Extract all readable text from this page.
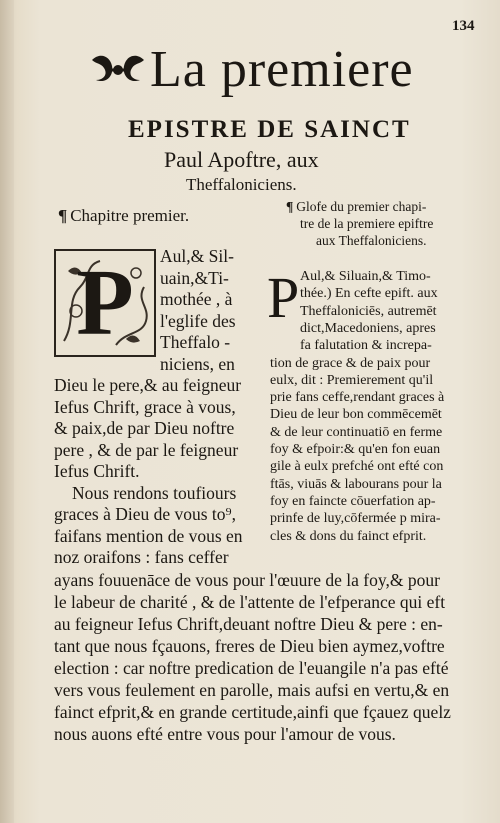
134
La premiere
EPISTRE DE SAINCT
Paul Apoftre, aux
Theffaloniciens.
¶ Chapitre premier.	¶ Glofe du premier chapi-
tre de la premiere epiftre
aux Theffaloniciens.
P	Aul,& Sil-
uain,&Ti-
mothée , à
l'eglife des
Theffalo -
niciens, en
Dieu le pere,& au feigneur
Iefus Chrift, grace à vous,
& paix,de par Dieu noftre
pere , & de par le feigneur
Iefus Chrift.
Nous rendons toufiours
graces à Dieu de vous to⁹,
faifans mention de vous en
noz oraifons : fans ceffer
P Aul,& Siluain,& Timo-
thée.) En cefte epift. aux
Theffaloniciēs, autremēt
dict,Macedoniens, apres
fa falutation & increpa-
tion de grace & de paix pour
eulx, dit : Premierement qu'il
prie fans ceffe,rendant graces à
Dieu de leur bon commēcemēt
& de leur continuatiō en ferme
foy & efpoir:& qu'en fon euan
gile à eulx prefché ont efté con
ftās, viuās & labourans pour la
foy en faincte cōuerfation ap-
prinfe de luy,cōfermée p mira-
cles & dons du fainct efprit.
ayans fouuenāce de vous pour l'œuure de la foy,& pour
le labeur de charité , & de l'attente de l'efperance qui eft
au feigneur Iefus Chrift,deuant noftre Dieu & pere : en-
tant que nous fçauons, freres de Dieu bien aymez,voftre
election : car noftre predication de l'euangile n'a pas efté
vers vous feulement en parolle, mais aufsi en vertu,& en
fainct efprit,& en grande certitude,ainfi que fçauez quelz
nous auons efté entre vous pour l'amour de vous.
